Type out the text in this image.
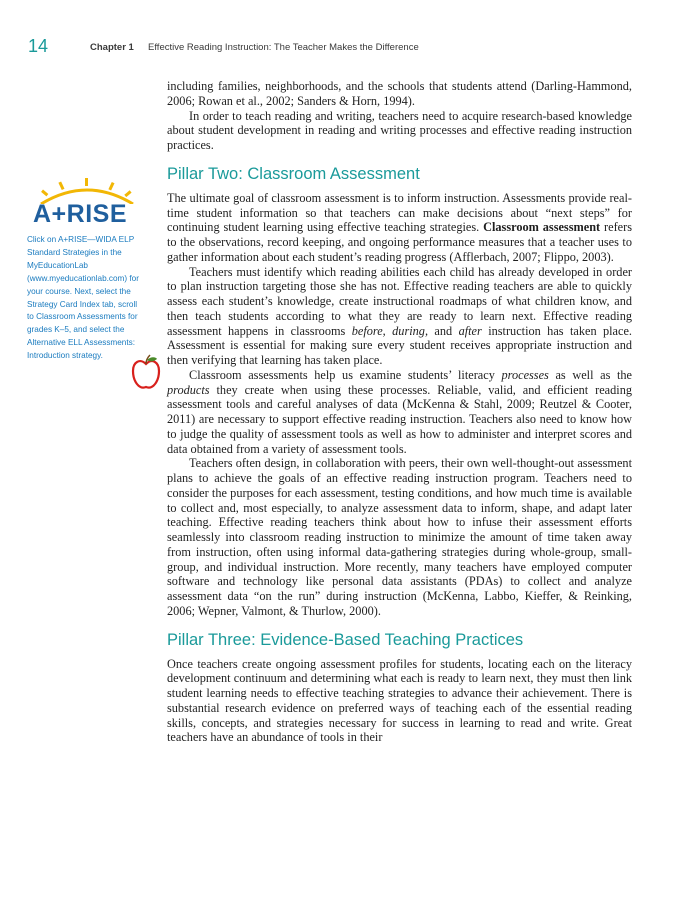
14	Chapter 1 Effective Reading Instruction: The Teacher Makes the Difference
A+RISE
Click on A+RISE—WIDA ELP Standard Strategies in the MyEducationLab (www.myeducationlab.com) for your course. Next, select the Strategy Card Index tab, scroll to Classroom Assessments for grades K–5, and select the Alternative ELL Assessments: Introduction strategy.

including families, neighborhoods, and the schools that students attend (Darling-Hammond, 2006; Rowan et al., 2002; Sanders & Horn, 1994).

In order to teach reading and writing, teachers need to acquire research-based knowledge about student development in reading and writing processes and effective reading instruction practices.

Pillar Two: Classroom Assessment

The ultimate goal of classroom assessment is to inform instruction. Assessments provide real-time student information so that teachers can make decisions about “next steps” for continuing student learning using effective teaching strategies. Classroom assessment refers to the observations, record keeping, and ongoing performance measures that a teacher uses to gather information about each student’s reading progress (Afflerbach, 2007; Flippo, 2003).

Teachers must identify which reading abilities each child has already developed in order to plan instruction targeting those she has not. Effective reading teachers are able to quickly assess each student’s knowledge, create instructional roadmaps of what children know, and then teach students according to what they are ready to learn next. Effective reading assessment happens in classrooms before, during, and after instruction has taken place. Assessment is essential for making sure every student receives appropriate instruction and then verifying that learning has taken place.

Classroom assessments help us examine students’ literacy processes as well as the products they create when using these processes. Reliable, valid, and efficient reading assessment tools and careful analyses of data (McKenna & Stahl, 2009; Reutzel & Cooter, 2011) are necessary to support effective reading instruction. Teachers also need to know how to judge the quality of assessment tools as well as how to administer and interpret scores and data obtained from a variety of assessment tools.

Teachers often design, in collaboration with peers, their own well-thought-out assessment plans to achieve the goals of an effective reading instruction program. Teachers need to consider the purposes for each assessment, testing conditions, and how much time is available to collect and, most especially, to analyze assessment data to inform, shape, and adapt later teaching. Effective reading teachers think about how to infuse their assessment efforts seamlessly into classroom reading instruction to minimize the amount of time taken away from instruction, often using informal data-gathering strategies during whole-group, small-group, and individual instruction. More recently, many teachers have employed computer software and technology like personal data assistants (PDAs) to collect and analyze assessment data “on the run” during instruction (McKenna, Labbo, Kieffer, & Reinking, 2006; Wepner, Valmont, & Thurlow, 2000).

Pillar Three: Evidence-Based Teaching Practices

Once teachers create ongoing assessment profiles for students, locating each on the literacy development continuum and determining what each is ready to learn next, they must then link student learning needs to effective teaching strategies to advance their achievement. There is substantial research evidence on preferred ways of teaching each of the essential reading skills, concepts, and strategies necessary for success in learning to read and write. Great teachers have an abundance of tools in their
